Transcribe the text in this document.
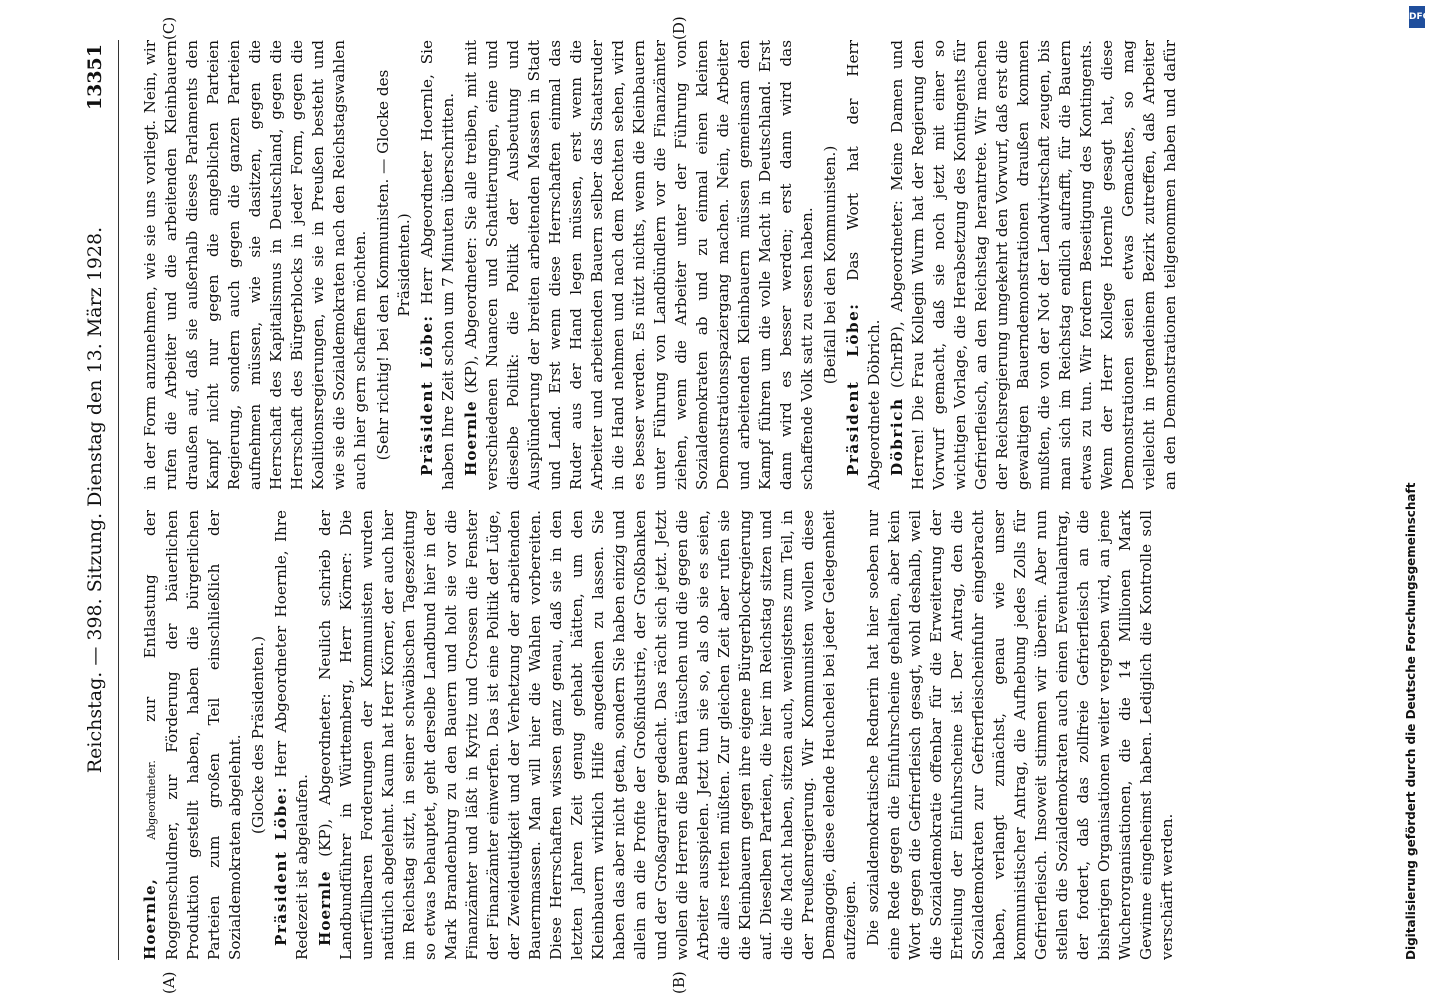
Reichstag. — 398. Sitzung. Dienstag den 13. März 1928.
13351
(A)	(B)
(C)	(D)

Hoernle, Abgeordneter. zur Entlastung der Roggenschuldner, zur Förderung der bäuerlichen Produktion gestellt haben, haben die bürgerlichen Parteien zum großen Teil einschließlich der Sozialdemokraten abgelehnt. (Glocke des Präsidenten.)

Präsident Löbe: Herr Abgeordneter Hoernle, Ihre Redezeit ist abgelaufen. Hoernle (KP), Abgeordneter: Neulich schrieb der Landbundführer in Württemberg, Herr Körner: Die unerfüllbaren Forderungen der Kommunisten wurden natürlich abgelehnt. Kaum hat Herr Körner, der auch hier im Reichstag sitzt, in seiner schwäbischen Tageszeitung so etwas behauptet, geht derselbe Landbund hier in der Mark Brandenburg zu den Bauern und holt sie vor die Finanzämter und läßt in Kyritz und Crossen die Fenster der Finanzämter einwerfen. Das ist eine Politik der Lüge, der Zweideutigkeit und der Verhetzung der arbeitenden Bauernmassen. Man will hier die Wahlen vorbereiten. Diese Herrschaften wissen ganz genau, daß sie in den letzten Jahren Zeit genug gehabt hätten, um den Kleinbauern wirklich Hilfe angedeihen zu lassen. Sie haben das aber nicht getan, sondern Sie haben einzig und allein an die Profite der Großindustrie, der Großbanken und der Großagrarier gedacht. Das rächt sich jetzt. Jetzt wollen die Herren die Bauern täuschen und die gegen die Arbeiter ausspielen. Jetzt tun sie so, als ob sie es seien, die alles retten müßten. Zur gleichen Zeit aber rufen sie die Kleinbauern gegen ihre eigene Bürgerblockregierung auf. Dieselben Parteien, die hier im Reichstag sitzen und die die Macht haben, sitzen auch, wenigstens zum Teil, in der Preußenregierung. Wir Kommunisten wollen diese Demagogie, diese elende Heuchelei bei jeder Gelegenheit aufzeigen. Die sozialdemokratische Rednerin hat hier soeben nur eine Rede gegen die Einfuhrscheine gehalten, aber kein Wort gegen die Gefrierfleisch gesagt, wohl deshalb, weil die Sozialdemokratie offenbar für die Erweiterung der Erteilung der Einfuhrscheine ist. Der Antrag, den die Sozialdemokraten zur Gefrierfleischeinfuhr eingebracht haben, verlangt zunächst, genau wie unser kommunistischer Antrag, die Aufhebung jedes Zolls für Gefrierfleisch. Insoweit stimmen wir überein. Aber nun stellen die Sozialdemokraten auch einen Eventualantrag, der fordert, daß das zollfreie Gefrierfleisch an die bisherigen Organisationen weiter vergeben wird, an jene Wucherorganisationen, die die 14 Millionen Mark Gewinne eingeheimst haben. Lediglich die Kontrolle soll verschärft werden.

in der Form anzunehmen, wie sie uns vorliegt. Nein, wir rufen die Arbeiter und die arbeitenden Kleinbauern draußen auf, daß sie außerhalb dieses Parlaments den Kampf nicht nur gegen die angeblichen Parteien Regierung, sondern auch gegen die ganzen Parteien aufnehmen müssen, wie sie dasitzen, gegen die Herrschaft des Kapitalismus in Deutschland, gegen die Herrschaft des Bürgerblocks in jeder Form, gegen die Koalitionsregierungen, wie sie in Preußen besteht und wie sie die Sozialdemokraten nach den Reichstagswahlen auch hier gern schaffen möchten. (Sehr richtig! bei den Kommunisten. — Glocke des Präsidenten.)

Präsident Löbe: Herr Abgeordneter Hoernle, Sie haben Ihre Zeit schon um 7 Minuten überschritten. Hoernle (KP), Abgeordneter: Sie alle treiben, mit mit verschiedenen Nuancen und Schattierungen, eine und dieselbe Politik: die Politik der Ausbeutung und Ausplünderung der breiten arbeitenden Massen in Stadt und Land. Erst wenn diese Herrschaften einmal das Ruder aus der Hand legen müssen, erst wenn die Arbeiter und arbeitenden Bauern selber das Staatsruder in die Hand nehmen und nach dem Rechten sehen, wird es besser werden. Es nützt nichts, wenn die Kleinbauern unter Führung von Landbündlern vor die Finanzämter ziehen, wenn die Arbeiter unter der Führung von Sozialdemokraten ab und zu einmal einen kleinen Demonstrationsspaziergang machen. Nein, die Arbeiter und arbeitenden Kleinbauern müssen gemeinsam den Kampf führen um die volle Macht in Deutschland. Erst dann wird es besser werden; erst dann wird das schaffende Volk satt zu essen haben. (Beifall bei den Kommunisten.)

Präsident Löbe: Das Wort hat der Herr Abgeordnete Döbrich. Döbrich (ChrBP), Abgeordneter: Meine Damen und Herren! Die Frau Kollegin Wurm hat der Regierung den Vorwurf gemacht, daß sie noch jetzt mit einer so wichtigen Vorlage, die Herabsetzung des Kontingents für Gefrierfleisch, an den Reichstag herantrete. Wir machen der Reichsregierung umgekehrt den Vorwurf, daß erst die gewaltigen Bauerndemonstrationen draußen kommen mußten, die von der Not der Landwirtschaft zeugen, bis man sich im Reichstag endlich aufrafft, für die Bauern etwas zu tun. Wir fordern Beseitigung des Kontingents. Wenn der Herr Kollege Hoernle gesagt hat, diese Demonstrationen seien etwas Gemachtes, so mag vielleicht in irgendeinem Bezirk zutreffen, daß Arbeiter an den Demonstrationen teilgenommen haben und dafür

DFG
Digitalisierung gefördert durch die Deutsche Forschungsgemeinschaft
